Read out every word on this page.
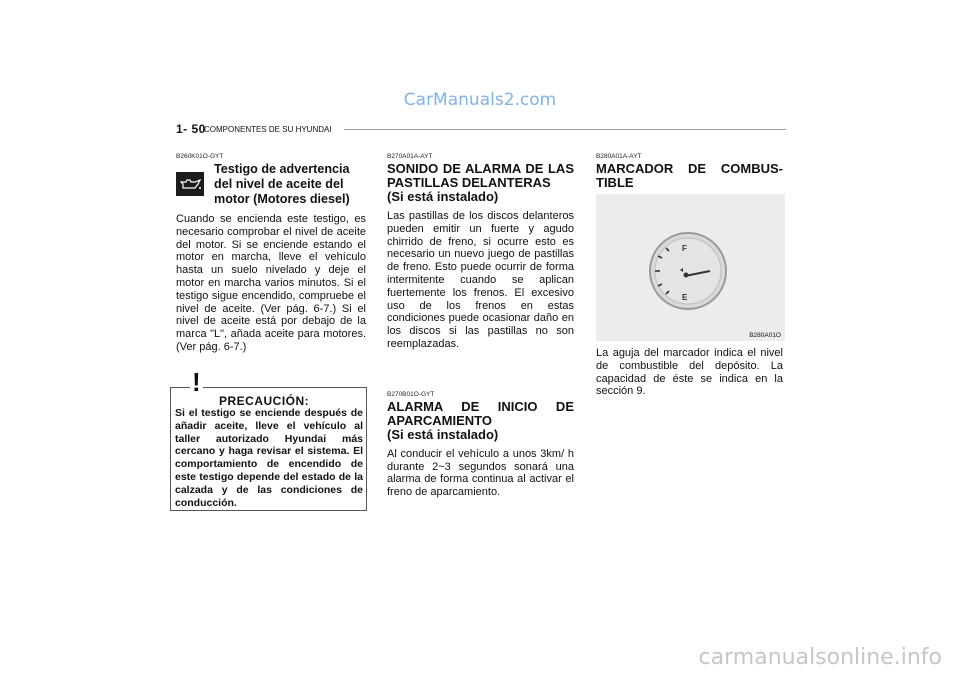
CarManuals2.com
1- 50
COMPONENTES DE SU HYUNDAI
B260K01O-GYT
Testigo de advertencia del nivel de aceite del motor (Motores diesel)

Cuando se encienda este testigo, es necesario comprobar el nivel de aceite del motor. Si se enciende estando el motor en marcha, lleve el vehículo hasta un suelo nivelado y deje el motor en marcha varios minutos. Si el testigo sigue encendido, compruebe el nivel de aceite. (Ver pág. 6-7.) Si el nivel de aceite está por debajo de la marca "L", añada aceite para motores. (Ver pág. 6-7.)

!
PRECAUCIÓN:
Si el testigo se enciende después de añadir aceite, lleve el vehículo al taller autorizado Hyundai más cercano y haga revisar el sistema. El comportamiento de encendido de este testigo depende del estado de la calzada y de las condiciones de conducción.
B270A01A-AYT
SONIDO DE ALARMA DE LAS
PASTILLAS DELANTERAS
(Si está instalado)

Las pastillas de los discos delanteros pueden emitir un fuerte y agudo chirrido de freno, si ocurre esto es necesario un nuevo juego de pastillas de freno. Esto puede ocurrir de forma intermitente cuando se aplican fuertemente los frenos. El excesivo uso de los frenos en estas condiciones puede ocasionar daño en los discos si las pastillas no son reemplazadas.

B270B01O-GYT
ALARMA DE INICIO DE
APARCAMIENTO
(Si está instalado)

Al conducir el vehículo a unos 3km/ h durante 2~3 segundos sonará una alarma de forma continua al activar el freno de aparcamiento.

B280A01A-AYT
MARCADOR DE COMBUS-
TIBLE
F
E
B280A01O

La aguja del marcador indica el nivel de combustible del depósito. La capacidad de éste se indica en la sección 9.

carmanualsonline.info
